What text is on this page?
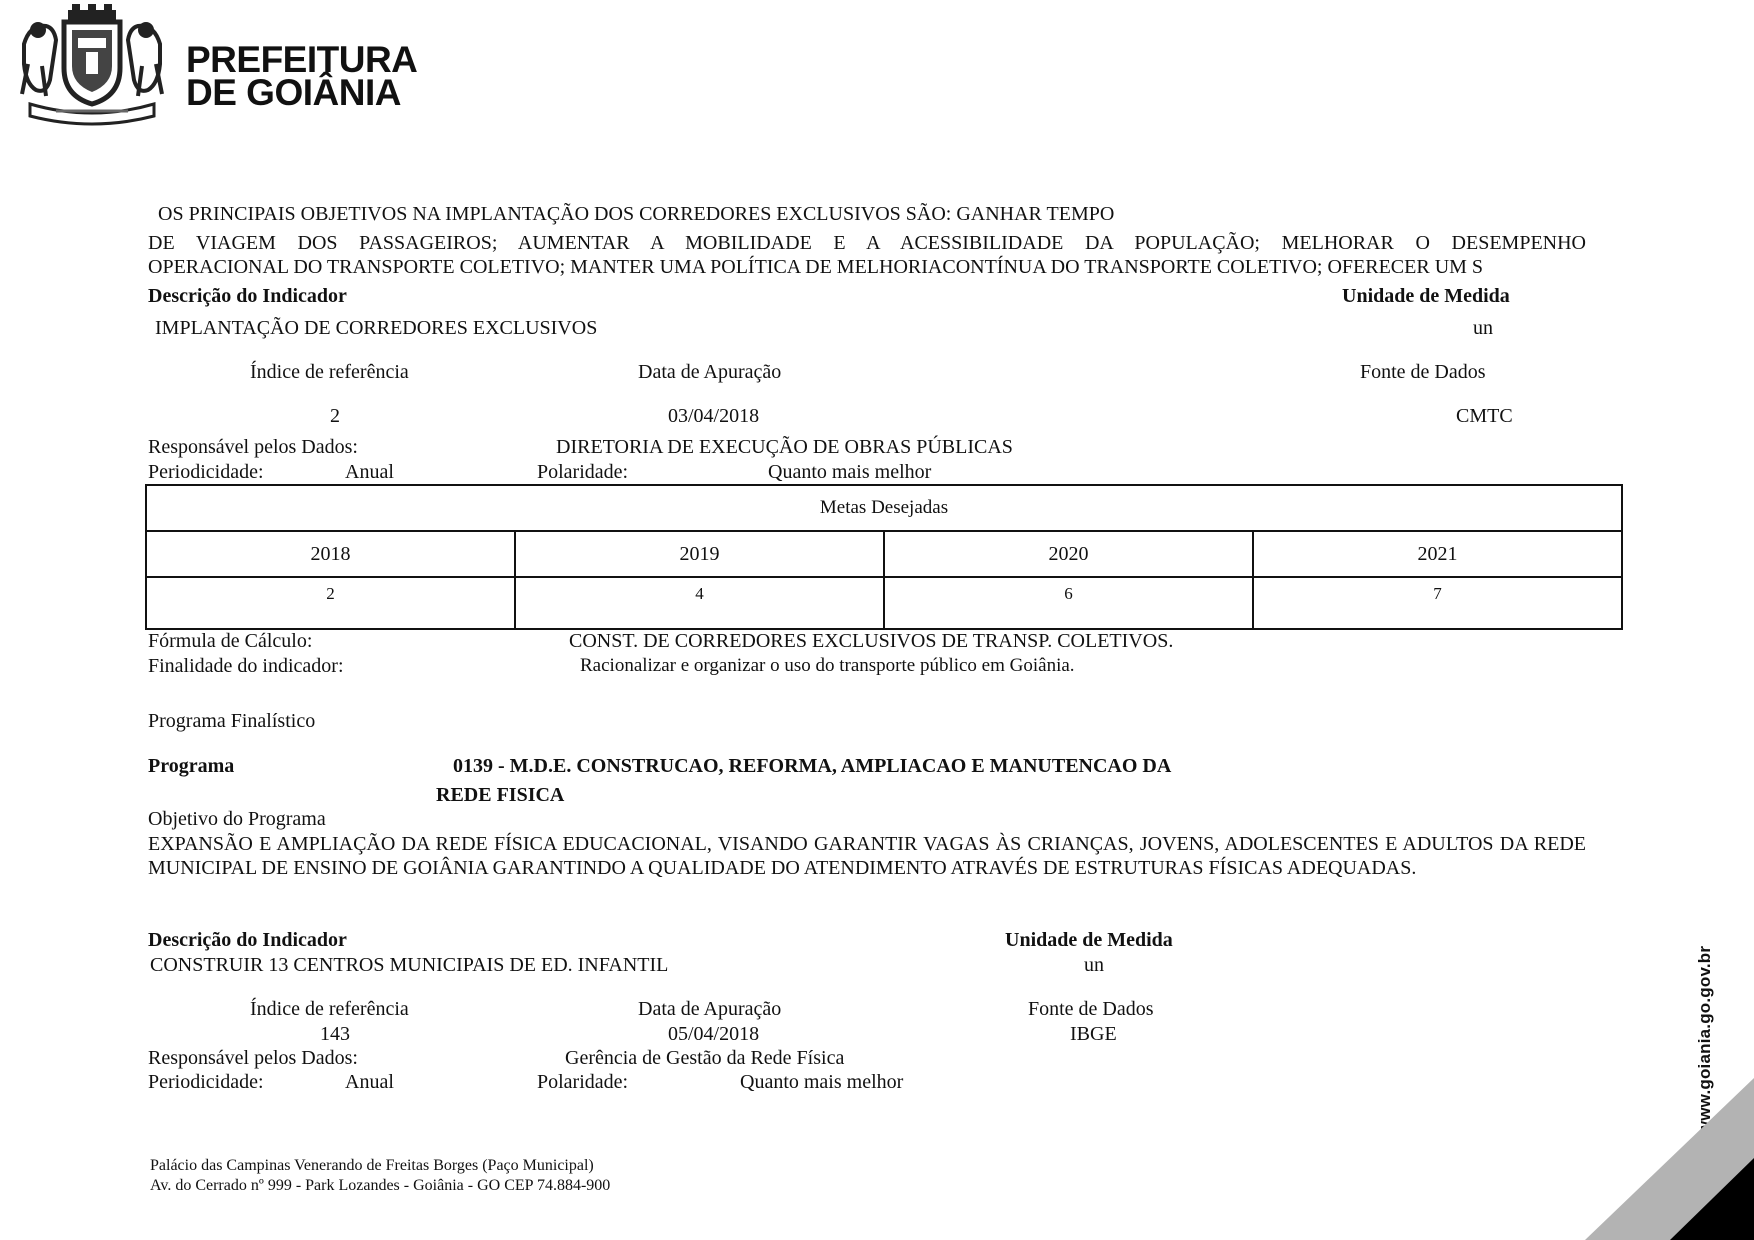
PREFEITURA
DE GOIÂNIA
OS PRINCIPAIS OBJETIVOS NA IMPLANTAÇÃO DOS CORREDORES EXCLUSIVOS SÃO: GANHAR TEMPO
DE VIAGEM DOS PASSAGEIROS; AUMENTAR A MOBILIDADE E A ACESSIBILIDADE DA POPULAÇÃO; MELHORAR O DESEMPENHO
OPERACIONAL DO TRANSPORTE COLETIVO; MANTER UMA POLÍTICA DE MELHORIACONTÍNUA DO TRANSPORTE COLETIVO; OFERECER UM S
Descrição do Indicador	Unidade de Medida
IMPLANTAÇÃO DE CORREDORES EXCLUSIVOS	un
Índice de referência	Data de Apuração	Fonte de Dados
2	03/04/2018	CMTC
Responsável pelos Dados:	DIRETORIA DE EXECUÇÃO DE OBRAS PÚBLICAS
Periodicidade:	Anual	Polaridade:	Quanto mais melhor
Metas Desejadas			
2018	2019	2020	2021
2	4	6	7
Fórmula de Cálculo:	CONST. DE CORREDORES EXCLUSIVOS DE TRANSP. COLETIVOS.
Finalidade do indicador:	Racionalizar e organizar o uso do transporte público em Goiânia.
Programa Finalístico
Programa	0139 - M.D.E. CONSTRUCAO, REFORMA, AMPLIACAO E MANUTENCAO DA
REDE FISICA
Objetivo do Programa
EXPANSÃO E AMPLIAÇÃO DA REDE FÍSICA EDUCACIONAL, VISANDO GARANTIR VAGAS ÀS CRIANÇAS, JOVENS, ADOLESCENTES E ADULTOS DA REDE MUNICIPAL DE ENSINO DE GOIÂNIA GARANTINDO A QUALIDADE DO ATENDIMENTO ATRAVÉS DE ESTRUTURAS FÍSICAS ADEQUADAS.
Descrição do Indicador	Unidade de Medida
CONSTRUIR 13 CENTROS MUNICIPAIS DE ED. INFANTIL	un
Índice de referência	Data de Apuração	Fonte de Dados
143	05/04/2018	IBGE
Responsável pelos Dados:	Gerência de Gestão da Rede Física
Periodicidade:	Anual	Polaridade:	Quanto mais melhor
Palácio das Campinas Venerando de Freitas Borges (Paço Municipal)
Av. do Cerrado nº 999 - Park Lozandes - Goiânia - GO CEP 74.884-900
www.goiania.go.gov.br
